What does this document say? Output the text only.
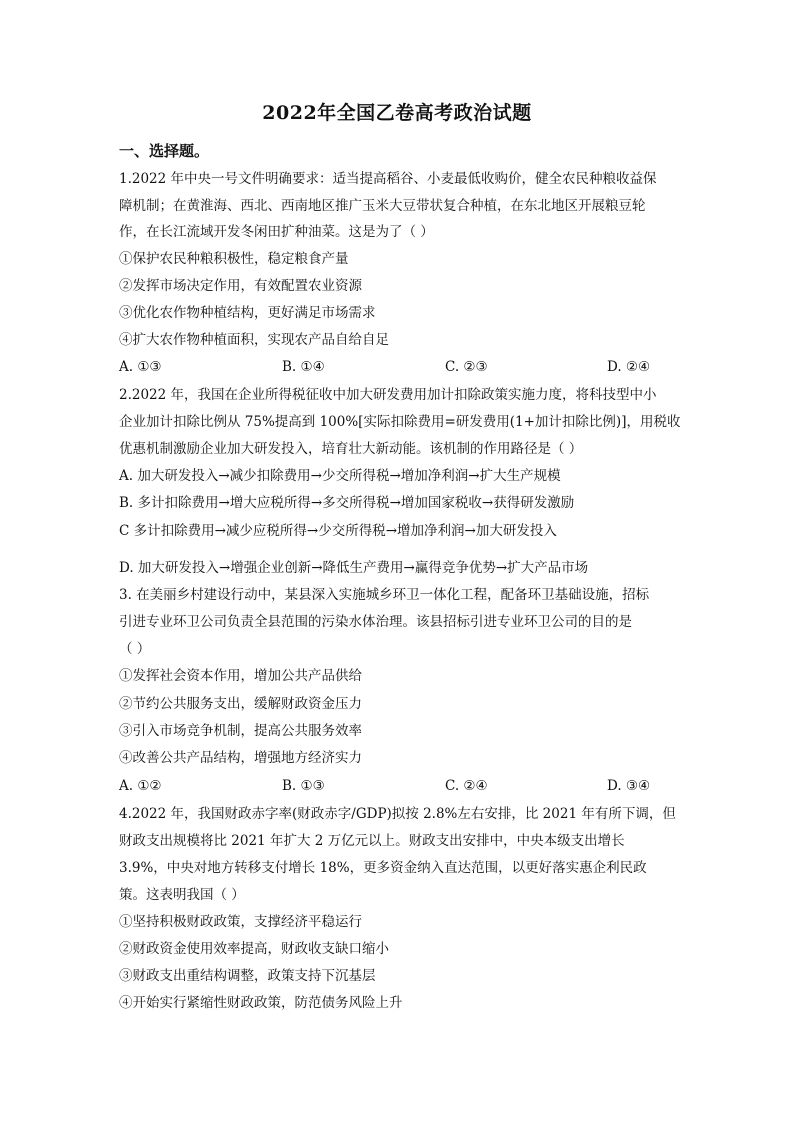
2022年全国乙卷高考政治试题
一、选择题。
1.2022 年中央一号文件明确要求：适当提高稻谷、小麦最低收购价，健全农民种粮收益保
障机制；在黄淮海、西北、西南地区推广玉米大豆带状复合种植，在东北地区开展粮豆轮
作，在长江流域开发冬闲田扩种油菜。这是为了（ ）
①保护农民种粮积极性，稳定粮食产量
②发挥市场决定作用，有效配置农业资源
③优化农作物种植结构，更好满足市场需求
④扩大农作物种植面积，实现农产品自给自足
A. ①③	B. ①④	C. ②③	D. ②④
2.2022 年，我国在企业所得税征收中加大研发费用加计扣除政策实施力度，将科技型中小
企业加计扣除比例从 75%提高到 100%[实际扣除费用=研发费用(1+加计扣除比例)]，用税收
优惠机制激励企业加大研发投入，培育壮大新动能。该机制的作用路径是（ ）
A. 加大研发投入→减少扣除费用→少交所得税→增加净利润→扩大生产规模
B. 多计扣除费用→增大应税所得→多交所得税→增加国家税收→获得研发激励
C 多计扣除费用→减少应税所得→少交所得税→增加净利润→加大研发投入
D. 加大研发投入→增强企业创新→降低生产费用→赢得竞争优势→扩大产品市场
3. 在美丽乡村建设行动中，某县深入实施城乡环卫一体化工程，配备环卫基础设施，招标
引进专业环卫公司负责全县范围的污染水体治理。该县招标引进专业环卫公司的目的是
（ ）
①发挥社会资本作用，增加公共产品供给
②节约公共服务支出，缓解财政资金压力
③引入市场竞争机制，提高公共服务效率
④改善公共产品结构，增强地方经济实力
A. ①②	B. ①③	C. ②④	D. ③④
4.2022 年，我国财政赤字率(财政赤字/GDP)拟按 2.8%左右安排，比 2021 年有所下调，但
财政支出规模将比 2021 年扩大 2 万亿元以上。财政支出安排中，中央本级支出增长
3.9%，中央对地方转移支付增长 18%，更多资金纳入直达范围，以更好落实惠企利民政
策。这表明我国（ ）
①坚持积极财政政策，支撑经济平稳运行
②财政资金使用效率提高，财政收支缺口缩小
③财政支出重结构调整，政策支持下沉基层
④开始实行紧缩性财政政策，防范债务风险上升
